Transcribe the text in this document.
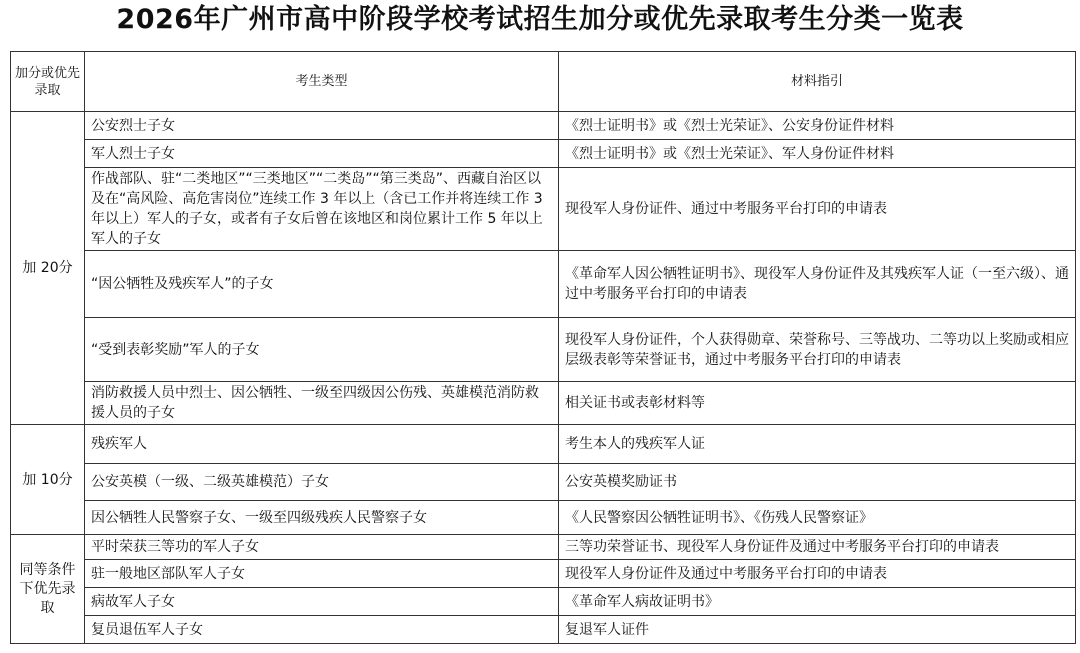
2026年广州市高中阶段学校考试招生加分或优先录取考生分类一览表
加分或优先录取	考生类型	材料指引
加 20分	公安烈士子女	《烈士证明书》或《烈士光荣证》、公安身份证件材料
	军人烈士子女	《烈士证明书》或《烈士光荣证》、军人身份证件材料
	作战部队、驻“二类地区”“三类地区”“二类岛”“第三类岛”、西藏自治区以及在“高风险、高危害岗位”连续工作 3 年以上（含已工作并将连续工作 3 年以上）军人的子女，或者有子女后曾在该地区和岗位累计工作 5 年以上军人的子女	现役军人身份证件、通过中考服务平台打印的申请表
	“因公牺牲及残疾军人”的子女	《革命军人因公牺牲证明书》、现役军人身份证件及其残疾军人证（一至六级）、通过中考服务平台打印的申请表
	“受到表彰奖励”军人的子女	现役军人身份证件，个人获得勋章、荣誉称号、三等战功、二等功以上奖励或相应层级表彰等荣誉证书，通过中考服务平台打印的申请表
	消防救援人员中烈士、因公牺牲、一级至四级因公伤残、英雄模范消防救援人员的子女	相关证书或表彰材料等
加 10分	残疾军人	考生本人的残疾军人证
	公安英模（一级、二级英雄模范）子女	公安英模奖励证书
	因公牺牲人民警察子女、一级至四级残疾人民警察子女	《人民警察因公牺牲证明书》、《伤残人民警察证》
同等条件下优先录取	平时荣获三等功的军人子女	三等功荣誉证书、现役军人身份证件及通过中考服务平台打印的申请表
	驻一般地区部队军人子女	现役军人身份证件及通过中考服务平台打印的申请表
	病故军人子女	《革命军人病故证明书》
	复员退伍军人子女	复退军人证件
